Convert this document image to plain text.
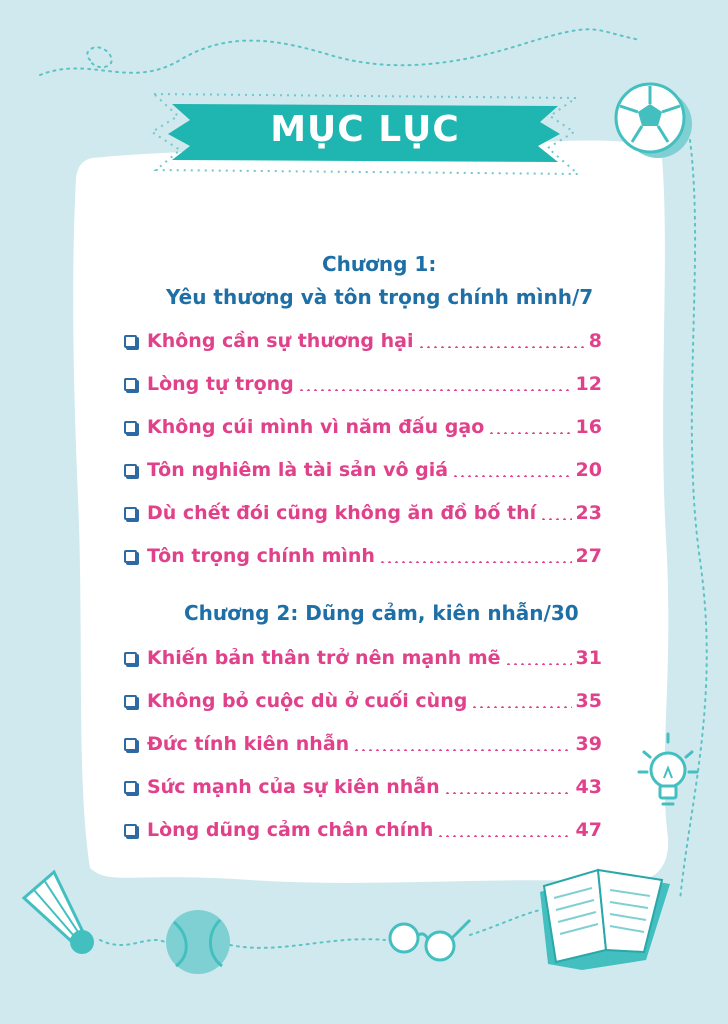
MỤC LỤC
Chương 1:
Yêu thương và tôn trọng chính mình/7
Không cần sự thương hại	8
Lòng tự trọng	12
Không cúi mình vì năm đấu gạo	16
Tôn nghiêm là tài sản vô giá	20
Dù chết đói cũng không ăn đồ bố thí 23
Tôn trọng chính mình	27
Chương 2: Dũng cảm, kiên nhẫn/30
Khiến bản thân trở nên mạnh mẽ	31
Không bỏ cuộc dù ở cuối cùng	35
Đức tính kiên nhẫn	39
Sức mạnh của sự kiên nhẫn	43
Lòng dũng cảm chân chính	47
